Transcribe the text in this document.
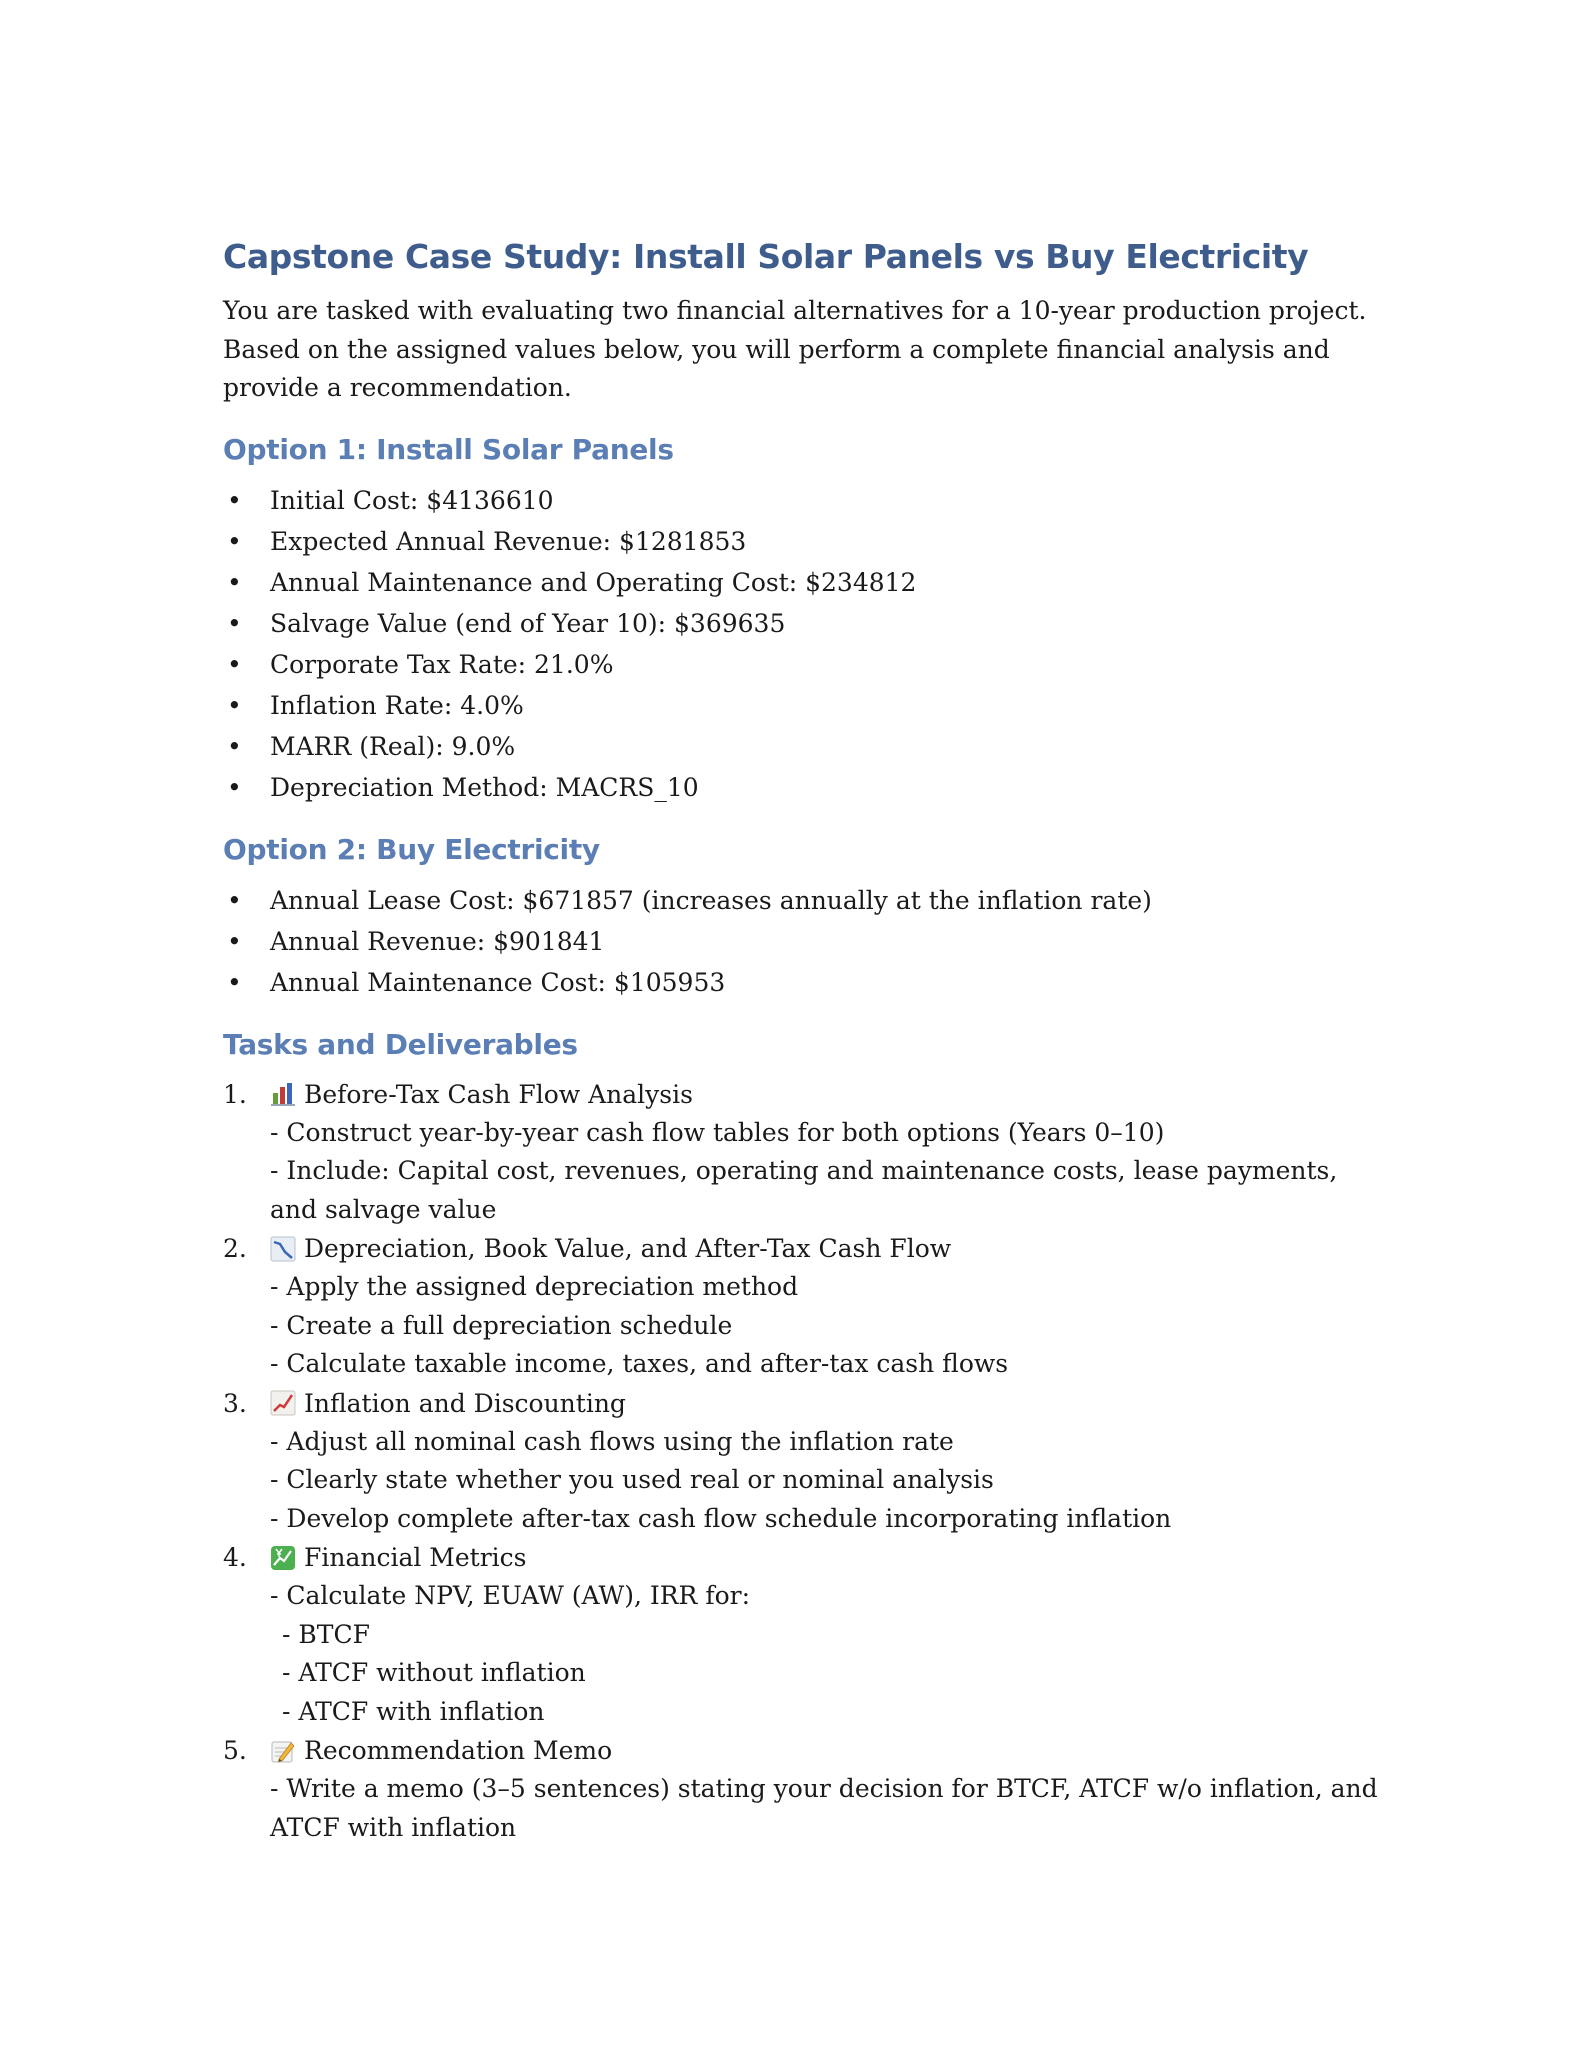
Capstone Case Study: Install Solar Panels vs Buy Electricity

You are tasked with evaluating two financial alternatives for a 10-year production project. Based on the assigned values below, you will perform a complete financial analysis and provide a recommendation.

Option 1: Install Solar Panels
• Initial Cost: $4136610
• Expected Annual Revenue: $1281853
• Annual Maintenance and Operating Cost: $234812
• Salvage Value (end of Year 10): $369635
• Corporate Tax Rate: 21.0%
• Inflation Rate: 4.0%
• MARR (Real): 9.0%
• Depreciation Method: MACRS_10
Option 2: Buy Electricity
• Annual Lease Cost: $671857 (increases annually at the inflation rate)
• Annual Revenue: $901841
• Annual Maintenance Cost: $105953
Tasks and Deliverables
1. Before-Tax Cash Flow Analysis
- Construct year-by-year cash flow tables for both options (Years 0–10)
- Include: Capital cost, revenues, operating and maintenance costs, lease payments, and salvage value
2. Depreciation, Book Value, and After-Tax Cash Flow
- Apply the assigned depreciation method
- Create a full depreciation schedule
- Calculate taxable income, taxes, and after-tax cash flows
3. Inflation and Discounting
- Adjust all nominal cash flows using the inflation rate
- Clearly state whether you used real or nominal analysis
- Develop complete after-tax cash flow schedule incorporating inflation
4. Financial Metrics
- Calculate NPV, EUAW (AW), IRR for:
- BTCF
- ATCF without inflation
- ATCF with inflation
5. Recommendation Memo
- Write a memo (3–5 sentences) stating your decision for BTCF, ATCF w/o inflation, and ATCF with inflation
